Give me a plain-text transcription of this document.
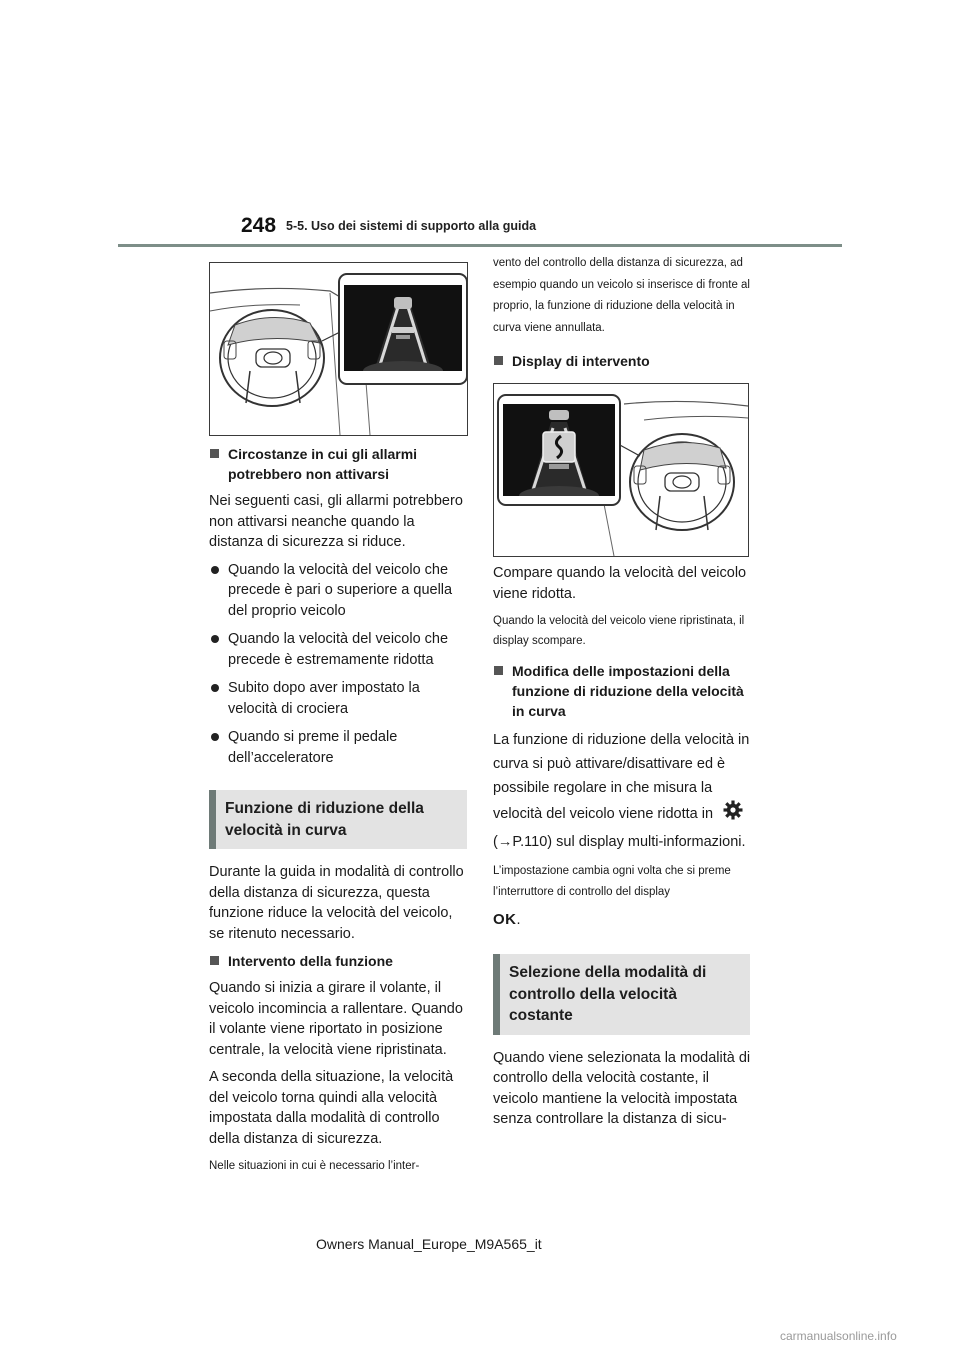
248 5-5. Uso dei sistemi di supporto alla guida
Circostanze in cui gli allarmi potrebbero non attivarsi

Nei seguenti casi, gli allarmi potrebbero non attivarsi neanche quando la distanza di sicurezza si riduce.

Quando la velocità del veicolo che precede è pari o superiore a quella del proprio veicolo
Quando la velocità del veicolo che precede è estremamente ridotta
Subito dopo aver impostato la velocità di crociera
Quando si preme il pedale dell’acceleratore
Funzione di riduzione della velocità in curva

Durante la guida in modalità di controllo della distanza di sicurezza, questa funzione riduce la velocità del veicolo, se ritenuto necessario.

Intervento della funzione

Quando si inizia a girare il volante, il veicolo incomincia a rallentare. Quando il volante viene riportato in posizione centrale, la velocità viene ripristinata.

A seconda della situazione, la velocità del veicolo torna quindi alla velocità impostata dalla modalità di controllo della distanza di sicurezza.

Nelle situazioni in cui è necessario l’inter-

vento del controllo della distanza di sicurezza, ad esempio quando un veicolo si inserisce di fronte al proprio, la funzione di riduzione della velocità in curva viene annullata.

Display di intervento

Compare quando la velocità del veicolo viene ridotta.

Quando la velocità del veicolo viene ripristinata, il display scompare.

Modifica delle impostazioni della funzione di riduzione della velocità in curva

La funzione di riduzione della velocità in curva si può attivare/disattivare ed è possibile regolare in che misura la velocità del veicolo viene ridotta in

(→P.110) sul display multi-informazioni.

L’impostazione cambia ogni volta che si preme l’interruttore di controllo del display

OK.

Selezione della modalità di controllo della velocità costante

Quando viene selezionata la modalità di controllo della velocità costante, il veicolo mantiene la velocità impostata senza controllare la distanza di sicu-

Owners Manual_Europe_M9A565_it
carmanualsonline.info
